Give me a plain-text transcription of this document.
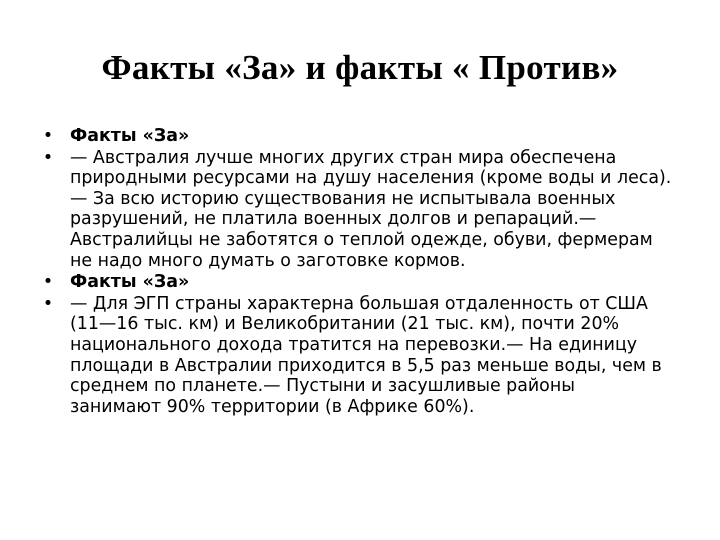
Факты «За» и факты « Против»
• Факты «За»
• — Австралия лучше многих других стран мира обеспечена
природными ресурсами на душу населения (кроме воды и леса).
— За всю историю существования не испытывала военных
разрушений, не платила военных долгов и репараций.—
Австралийцы не заботятся о теплой одежде, обуви, фермерам
не надо много думать о заготовке кормов.
• Факты «За»
• — Для ЭГП страны характерна большая отдаленность от США
(11—16 тыс. км) и Великобритании (21 тыс. км), почти 20%
национального дохода тратится на перевозки.— На единицу
площади в Австралии приходится в 5,5 раз меньше воды, чем в
среднем по планете.— Пустыни и засушливые районы
занимают 90% территории (в Африке 60%).
